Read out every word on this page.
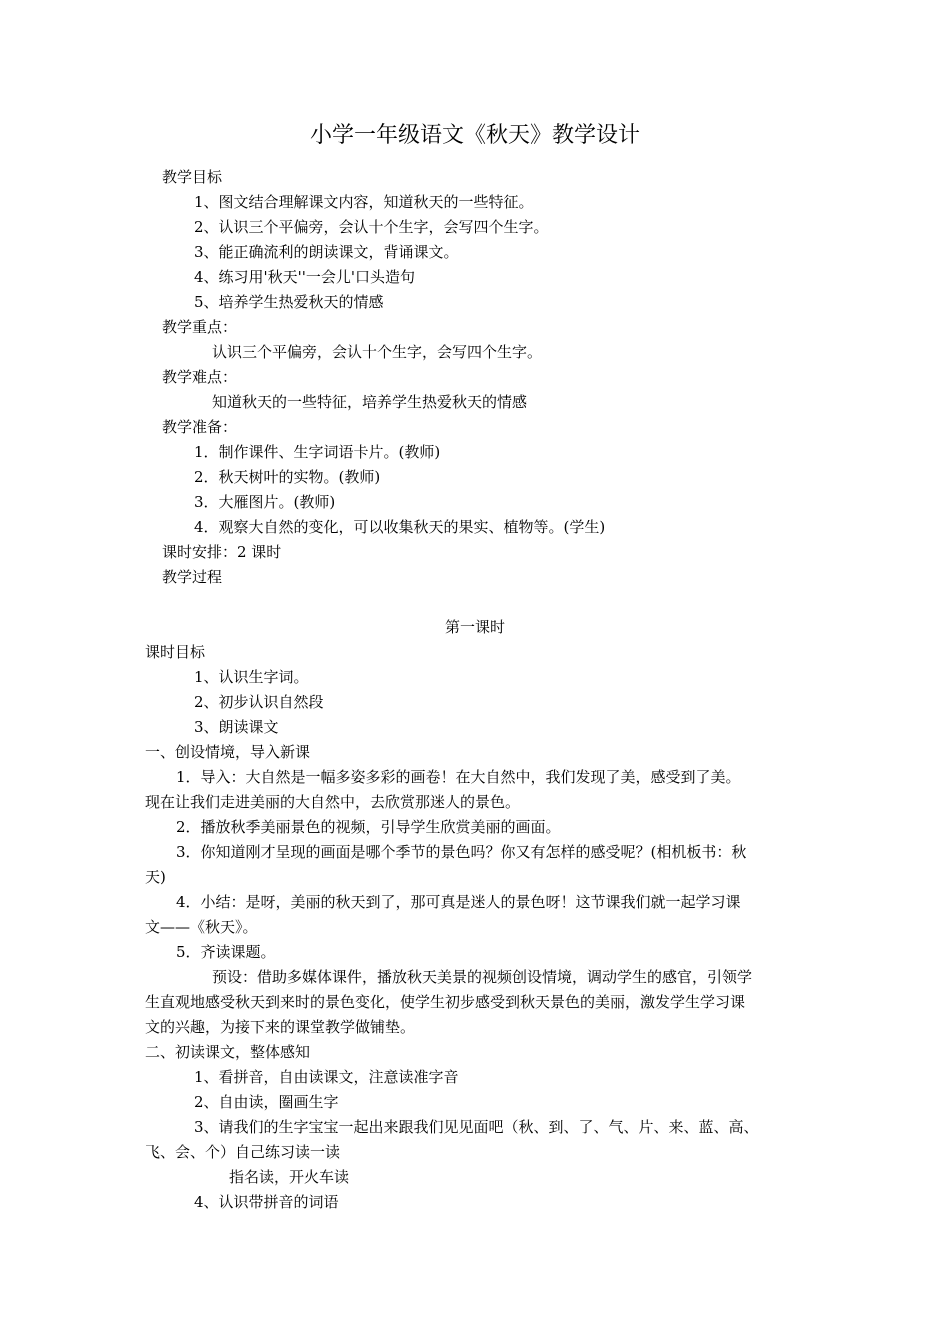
小学一年级语文《秋天》教学设计
教学目标
1、图文结合理解课文内容，知道秋天的一些特征。
2、认识三个平偏旁，会认十个生字，会写四个生字。
3、能正确流利的朗读课文，背诵课文。
4、练习用'秋天''一会儿'口头造句
5、培养学生热爱秋天的情感
教学重点：
认识三个平偏旁，会认十个生字，会写四个生字。
教学难点：
知道秋天的一些特征，培养学生热爱秋天的情感
教学准备：
1．制作课件、生字词语卡片。(教师)
2．秋天树叶的实物。(教师)
3．大雁图片。(教师)
4．观察大自然的变化，可以收集秋天的果实、植物等。(学生)
课时安排：2 课时
教学过程
第一课时
课时目标
1、认识生字词。
2、初步认识自然段
3、朗读课文
一、创设情境，导入新课
1．导入：大自然是一幅多姿多彩的画卷！在大自然中，我们发现了美，感受到了美。
现在让我们走进美丽的大自然中，去欣赏那迷人的景色。
2．播放秋季美丽景色的视频，引导学生欣赏美丽的画面。
3．你知道刚才呈现的画面是哪个季节的景色吗？你又有怎样的感受呢？(相机板书：秋
天)
4．小结：是呀，美丽的秋天到了，那可真是迷人的景色呀！这节课我们就一起学习课
文——《秋天》。
5．齐读课题。
预设：借助多媒体课件，播放秋天美景的视频创设情境，调动学生的感官，引领学
生直观地感受秋天到来时的景色变化，使学生初步感受到秋天景色的美丽，激发学生学习课
文的兴趣，为接下来的课堂教学做铺垫。
二、初读课文，整体感知
1、看拼音，自由读课文，注意读准字音
2、自由读，圈画生字
3、请我们的生字宝宝一起出来跟我们见见面吧（秋、到、了、气、片、来、蓝、高、
飞、会、个）自己练习读一读
指名读，开火车读
4、认识带拼音的词语
